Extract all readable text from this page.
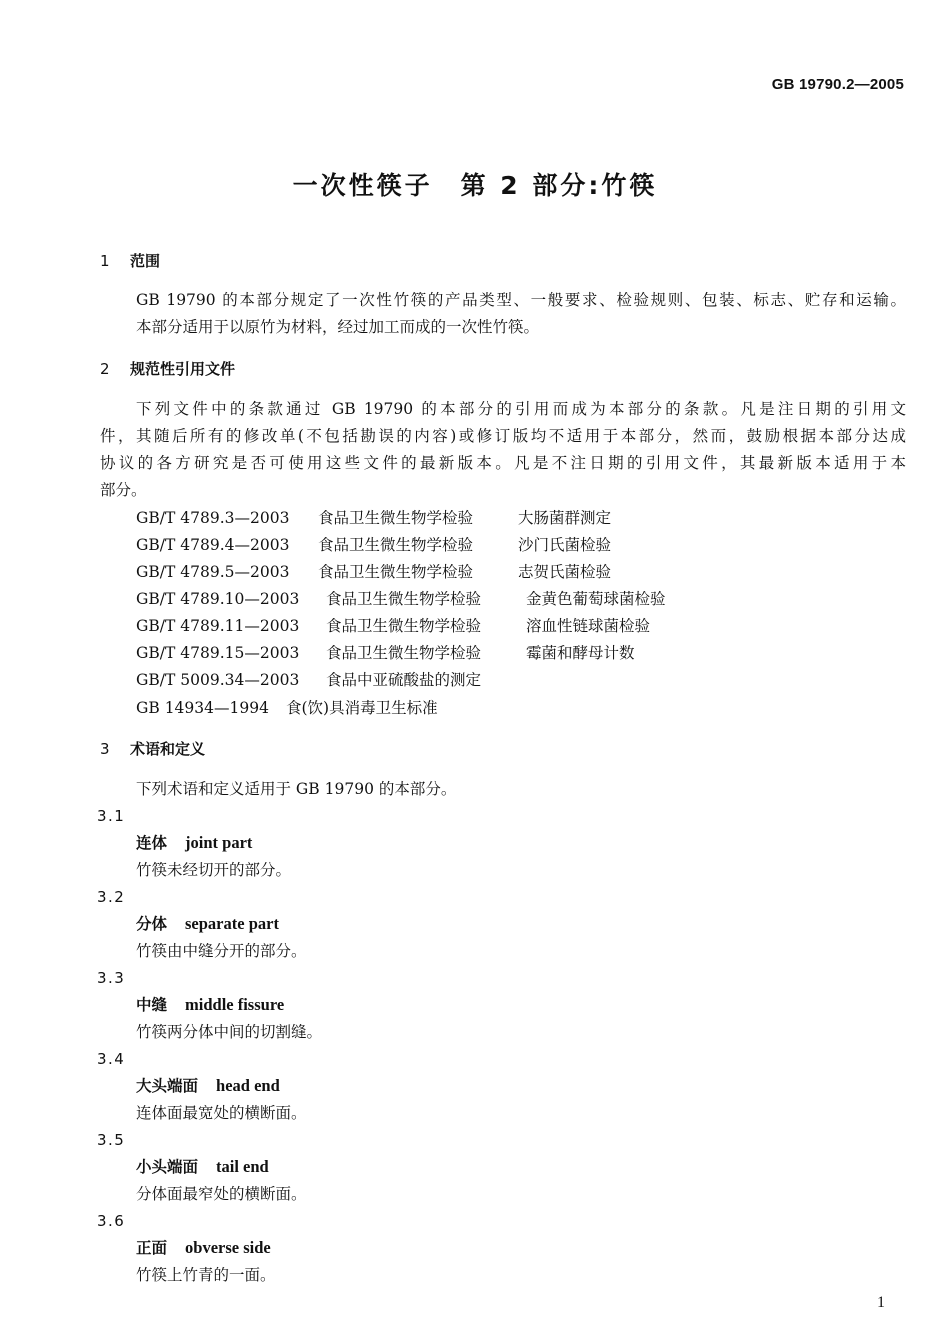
GB 19790.2—2005
一次性筷子 第 2 部分:竹筷
1 范围
GB 19790 的本部分规定了一次性竹筷的产品类型、一般要求、检验规则、包装、标志、贮存和运输。
本部分适用于以原竹为材料，经过加工而成的一次性竹筷。
2 规范性引用文件
下列文件中的条款通过 GB 19790 的本部分的引用而成为本部分的条款。凡是注日期的引用文
件，其随后所有的修改单(不包括勘误的内容)或修订版均不适用于本部分，然而，鼓励根据本部分达成
协议的各方研究是否可使用这些文件的最新版本。凡是不注日期的引用文件，其最新版本适用于本
部分。
GB/T 4789.3—2003 食品卫生微生物学检验	大肠菌群测定
GB/T 4789.4—2003 食品卫生微生物学检验	沙门氏菌检验
GB/T 4789.5—2003 食品卫生微生物学检验	志贺氏菌检验
GB/T 4789.10—2003 食品卫生微生物学检验	金黄色葡萄球菌检验
GB/T 4789.11—2003 食品卫生微生物学检验	溶血性链球菌检验
GB/T 4789.15—2003 食品卫生微生物学检验	霉菌和酵母计数
GB/T 5009.34—2003 食品中亚硫酸盐的测定
GB 14934—1994 食(饮)具消毒卫生标准
3 术语和定义
下列术语和定义适用于 GB 19790 的本部分。
3.1
连体 joint part
竹筷未经切开的部分。
3.2
分体 separate part
竹筷由中缝分开的部分。
3.3
中缝 middle fissure
竹筷两分体中间的切割缝。
3.4
大头端面 head end
连体面最宽处的横断面。
3.5
小头端面 tail end
分体面最窄处的横断面。
3.6
正面 obverse side
竹筷上竹青的一面。
1
